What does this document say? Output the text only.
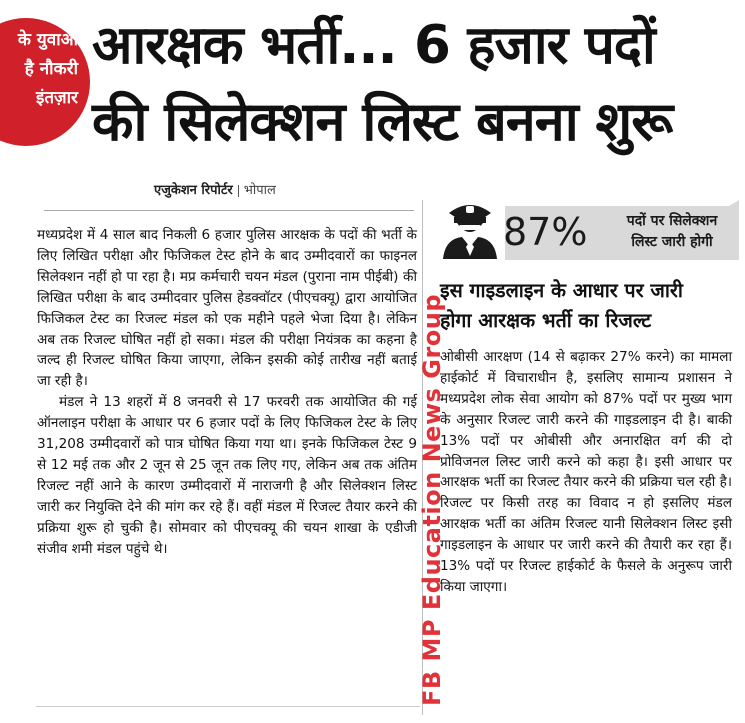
के युवाओं
है नौकरी
इंतज़ार
आरक्षक भर्ती... 6 हजार पदों
की सिलेक्शन लिस्ट बनना शुरू
एजुकेशन रिपोर्टर भोपाल

मध्यप्रदेश में 4 साल बाद निकली 6 हजार पुलिस आरक्षक के पदों की भर्ती के लिए लिखित परीक्षा और फिजिकल टेस्ट होने के बाद उम्मीदवारों का फाइनल सिलेक्शन नहीं हो पा रहा है। मप्र कर्मचारी चयन मंडल (पुराना नाम पीईबी) की लिखित परीक्षा के बाद उम्मीदवार पुलिस हेडक्वॉटर (पीएचक्यू) द्वारा आयोजित फिजिकल टेस्ट का रिजल्ट मंडल को एक महीने पहले भेजा दिया है। लेकिन अब तक रिजल्ट घोषित नहीं हो सका। मंडल की परीक्षा नियंत्रक का कहना है जल्द ही रिजल्ट घोषित किया जाएगा, लेकिन इसकी कोई तारीख नहीं बताई जा रही है।

मंडल ने 13 शहरों में 8 जनवरी से 17 फरवरी तक आयोजित की गई ऑनलाइन परीक्षा के आधार पर 6 हजार पदों के लिए फिजिकल टेस्ट के लिए 31,208 उम्मीदवारों को पात्र घोषित किया गया था। इनके फिजिकल टेस्ट 9 से 12 मई तक और 2 जून से 25 जून तक लिए गए, लेकिन अब तक अंतिम रिजल्ट नहीं आने के कारण उम्मीदवारों में नाराजगी है और सिलेक्शन लिस्ट जारी कर नियुक्ति देने की मांग कर रहे हैं। वहीं मंडल में रिजल्ट तैयार करने की प्रक्रिया शुरू हो चुकी है। सोमवार को पीएचक्यू की चयन शाखा के एडीजी संजीव शमी मंडल पहुंचे थे।

87%	पदों पर सिलेक्शन
लिस्ट जारी होगी
इस गाइडलाइन के आधार पर जारी
होगा आरक्षक भर्ती का रिजल्ट

ओबीसी आरक्षण (14 से बढ़ाकर 27% करने) का मामला हाईकोर्ट में विचाराधीन है, इसलिए सामान्य प्रशासन ने मध्यप्रदेश लोक सेवा आयोग को 87% पदों पर मुख्य भाग के अनुसार रिजल्ट जारी करने की गाइडलाइन दी है। बाकी 13% पदों पर ओबीसी और अनारक्षित वर्ग की दो प्रोविजनल लिस्ट जारी करने को कहा है। इसी आधार पर आरक्षक भर्ती का रिजल्ट तैयार करने की प्रक्रिया चल रही है। रिजल्ट पर किसी तरह का विवाद न हो इसलिए मंडल आरक्षक भर्ती का अंतिम रिजल्ट यानी सिलेक्शन लिस्ट इसी गाइडलाइन के आधार पर जारी करने की तैयारी कर रहा हैं। 13% पदों पर रिजल्ट हाईकोर्ट के फैसले के अनुरूप जारी किया जाएगा।

FB MP Education News Group
